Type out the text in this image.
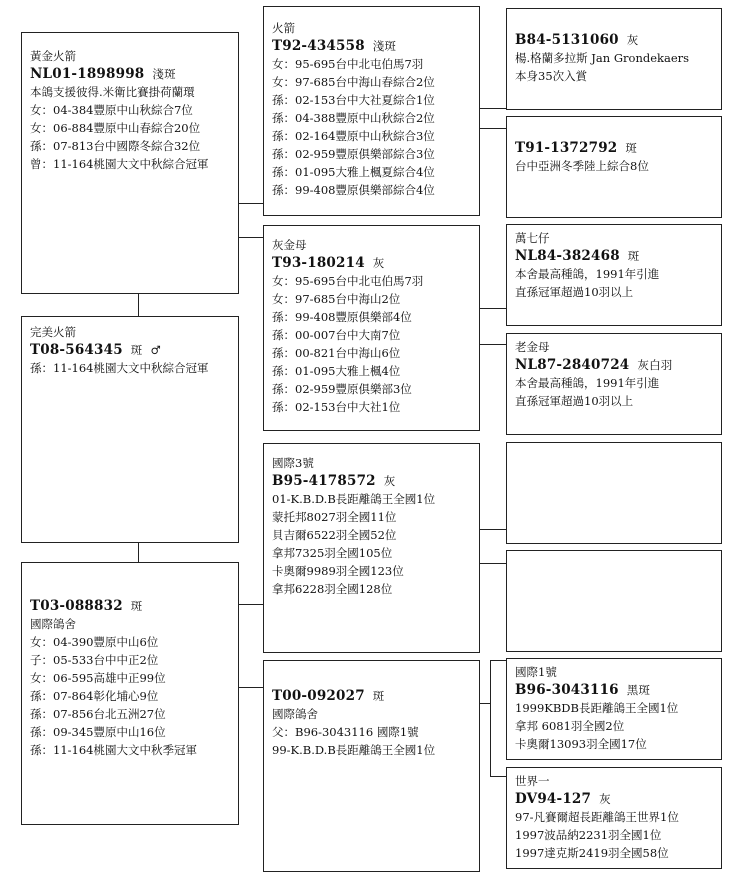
黃金火箭
NL01-1898998 淺斑
本鴿支援彼得.米衛比賽掛荷蘭環
女：04-384豐原中山秋綜合7位
女：06-884豐原中山春綜合20位
孫：07-813台中國際冬綜合32位
曾：11-164桃園大文中秋綜合冠軍
完美火箭
T08-564345 斑 ♂
孫：11-164桃園大文中秋綜合冠軍
T03-088832 斑
國際鴿舍
女：04-390豐原中山6位
子：05-533台中中正2位
女：06-595高雄中正99位
孫：07-864彰化埔心9位
孫：07-856台北五洲27位
孫：09-345豐原中山16位
孫：11-164桃園大文中秋季冠軍
火箭
T92-434558 淺斑
女：95-695台中北屯伯馬7羽
女：97-685台中海山春綜合2位
孫：02-153台中大社夏綜合1位
孫：04-388豐原中山秋綜合2位
孫：02-164豐原中山秋綜合3位
孫：02-959豐原俱樂部綜合3位
孫：01-095大雅上楓夏綜合4位
孫：99-408豐原俱樂部綜合4位
灰金母
T93-180214 灰
女：95-695台中北屯伯馬7羽
女：97-685台中海山2位
孫：99-408豐原俱樂部4位
孫：00-007台中大南7位
孫：00-821台中海山6位
孫：01-095大雅上楓4位
孫：02-959豐原俱樂部3位
孫：02-153台中大社1位
國際3號
B95-4178572 灰
01-K.B.D.B長距離鴿王全國1位
蒙托邦8027羽全國11位
貝吉爾6522羽全國52位
拿邦7325羽全國105位
卡奧爾9989羽全國123位
拿邦6228羽全國128位
T00-092027 斑
國際鴿舍
父：B96-3043116 國際1號
99-K.B.D.B長距離鴿王全國1位
B84-5131060 灰
楊.格蘭多拉斯 Jan Grondekaers
本身35次入賞
T91-1372792 斑
台中亞洲冬季陸上綜合8位
萬七仔
NL84-382468 斑
本舍最高種鴿，1991年引進
直孫冠軍超過10羽以上
老金母
NL87-2840724 灰白羽
本舍最高種鴿，1991年引進
直孫冠軍超過10羽以上
國際1號
B96-3043116 黑斑
1999KBDB長距離鴿王全國1位
拿邦 6081羽全國2位
卡奧爾13093羽全國17位
世界一
DV94-127 灰
97-凡賽爾超長距離鴿王世界1位
1997波品納2231羽全國1位
1997達克斯2419羽全國58位
